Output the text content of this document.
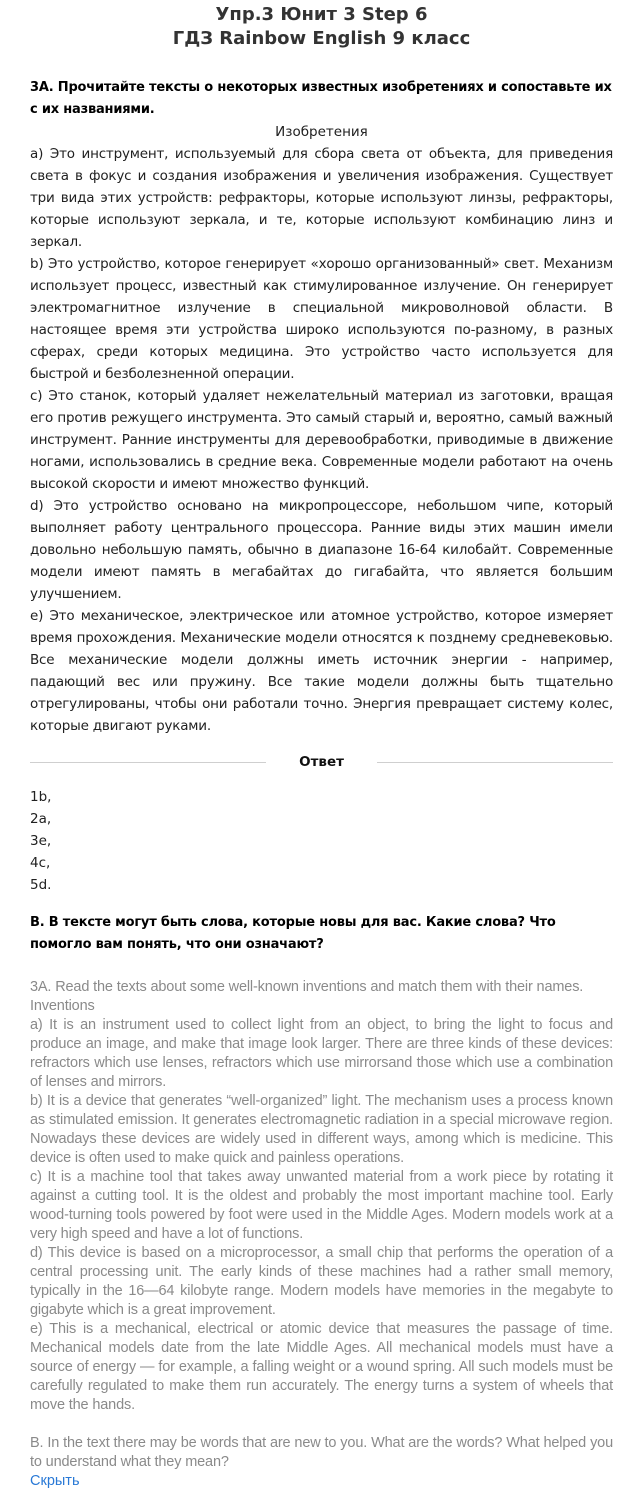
Упр.3 Юнит 3 Step 6
ГДЗ Rainbow English 9 класс

3А. Прочитайте тексты о некоторых известных изобретениях и сопоставьте их с их названиями.

Изобретения

а) Это инструмент, используемый для сбора света от объекта, для приведения света в фокус и создания изображения и увеличения изображения. Существует три вида этих устройств: рефракторы, которые используют линзы, рефракторы, которые используют зеркала, и те, которые используют комбинацию линз и зеркал.

b) Это устройство, которое генерирует «хорошо организованный» свет. Механизм использует процесс, известный как стимулированное излучение. Он генерирует электромагнитное излучение в специальной микроволновой области. В настоящее время эти устройства широко используются по-разному, в разных сферах, среди которых медицина. Это устройство часто используется для быстрой и безболезненной операции.

с) Это станок, который удаляет нежелательный материал из заготовки, вращая его против режущего инструмента. Это самый старый и, вероятно, самый важный инструмент. Ранние инструменты для деревообработки, приводимые в движение ногами, использовались в средние века. Современные модели работают на очень высокой скорости и имеют множество функций.

d) Это устройство основано на микропроцессоре, небольшом чипе, который выполняет работу центрального процессора. Ранние виды этих машин имели довольно небольшую память, обычно в диапазоне 16-64 килобайт. Современные модели имеют память в мегабайтах до гигабайта, что является большим улучшением.

е) Это механическое, электрическое или атомное устройство, которое измеряет время прохождения. Механические модели относятся к позднему средневековью. Все механические модели должны иметь источник энергии - например, падающий вес или пружину. Все такие модели должны быть тщательно отрегулированы, чтобы они работали точно. Энергия превращает систему колес, которые двигают руками.

Ответ

1b,

2a,

3e,

4c,

5d.

B. В тексте могут быть слова, которые новы для вас. Какие слова? Что помогло вам понять, что они означают?

3A. Read the texts about some well-known inventions and match them with their names.

Inventions

a) It is an instrument used to collect light from an object, to bring the light to focus and produce an image, and make that image look larger. There are three kinds of these devices: refractors which use lenses, refractors which use mirrorsand those which use a combination of lenses and mirrors.

b) It is a device that generates “well-organized” light. The mechanism uses a process known as stimulated emission. It generates electromagnetic radiation in a special microwave region. Nowadays these devices are widely used in different ways, among which is medicine. This device is often used to make quick and painless operations.

c) It is a machine tool that takes away unwanted material from a work piece by rotating it against a cutting tool. It is the oldest and probably the most important machine tool. Early wood-turning tools powered by foot were used in the Middle Ages. Modern models work at a very high speed and have a lot of functions.

d) This device is based on a microprocessor, a small chip that performs the operation of a central processing unit. The early kinds of these machines had a rather small memory, typically in the 16—64 kilobyte range. Modern models have memories in the megabyte to gigabyte which is a great improvement.

e) This is a mechanical, electrical or atomic device that measures the passage of time. Mechanical models date from the late Middle Ages. All mechanical models must have a source of energy — for example, a falling weight or a wound spring. All such models must be carefully regulated to make them run accurately. The energy turns a system of wheels that move the hands.

B. In the text there may be words that are new to you. What are the words? What helped you to understand what they mean?

Скрыть
